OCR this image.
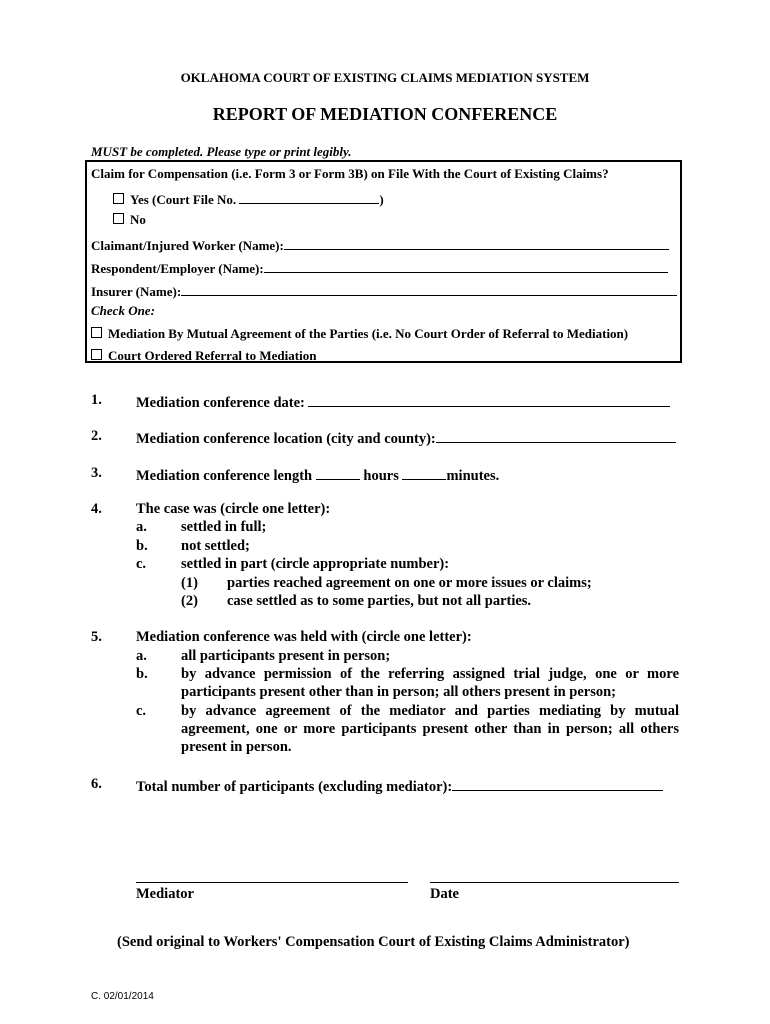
OKLAHOMA COURT OF EXISTING CLAIMS MEDIATION SYSTEM
REPORT OF MEDIATION CONFERENCE
MUST be completed. Please type or print legibly.
Claim for Compensation (i.e. Form 3 or Form 3B) on File With the Court of Existing Claims?
Yes (Court File No.	)
No
Claimant/Injured Worker (Name):
Respondent/Employer (Name):
Insurer (Name):
Check One:
Mediation By Mutual Agreement of the Parties (i.e. No Court Order of Referral to Mediation)
Court Ordered Referral to Mediation
1. Mediation conference date:
2. Mediation conference location (city and county):
3. Mediation conference length	hours	minutes.
4. The case was (circle one letter):
a. settled in full;
b. not settled;
c. settled in part (circle appropriate number):
(1) parties reached agreement on one or more issues or claims;
(2) case settled as to some parties, but not all parties.
5. Mediation conference was held with (circle one letter):
a. all participants present in person;
b. by advance permission of the referring assigned trial judge, one or more
participants present other than in person; all others present in person;
c. by advance agreement of the mediator and parties mediating by mutual
agreement, one or more participants present other than in person; all others
present in person.
6. Total number of participants (excluding mediator):
Mediator	Date
(Send original to Workers' Compensation Court of Existing Claims Administrator)
C. 02/01/2014
